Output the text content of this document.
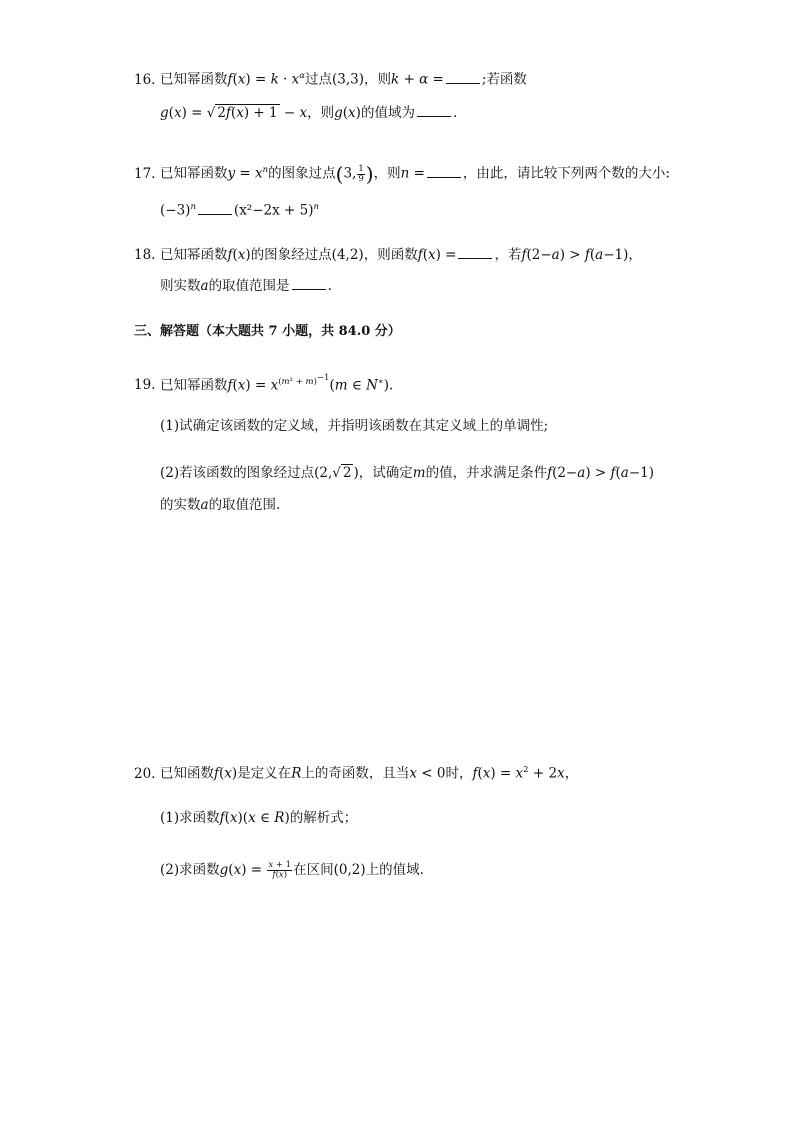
16. 已知幂函数$f(x) = k \cdot x^\alpha$过点(3,3)，则k + α =	;若函数
g(x) = √ 2f(x) + 1 − x，则g(x)的值域为	.
17. 已知幂函数$y = x^n$的图象过点(3, $\frac{1}{9}$ )，则n =	，由此，请比较下列两个数的大小:
$(-3)^n$	$(x^2-2x + 5)^n$
18. 已知幂函数f(x)的图象经过点(4,2)，则函数f(x) =	，若f(2−a) > f(a−1)，
则实数a的取值范围是	.
三、解答题（本大题共 7 小题，共 84.0 分）
19. 已知幂函数$f(x) = x^{(m^2 + m)^{-1}}(m$ ∈ N∗).
(1)试确定该函数的定义域，并指明该函数在其定义域上的单调性;
(2)若该函数的图象经过点(2,√ 2 )，试确定m的值，并求满足条件f(2−a) > f(a−1)
的实数a的取值范围.
20. 已知函数f(x)是定义在R上的奇函数，且当x < 0时，$f(x) = x^2 + 2x$，
(1)求函数f(x)(x ∈ R)的解析式；
(2)求函数$g(x) = \frac{x + 1}{f(x)}$ 在区间(0,2)上的值域.
